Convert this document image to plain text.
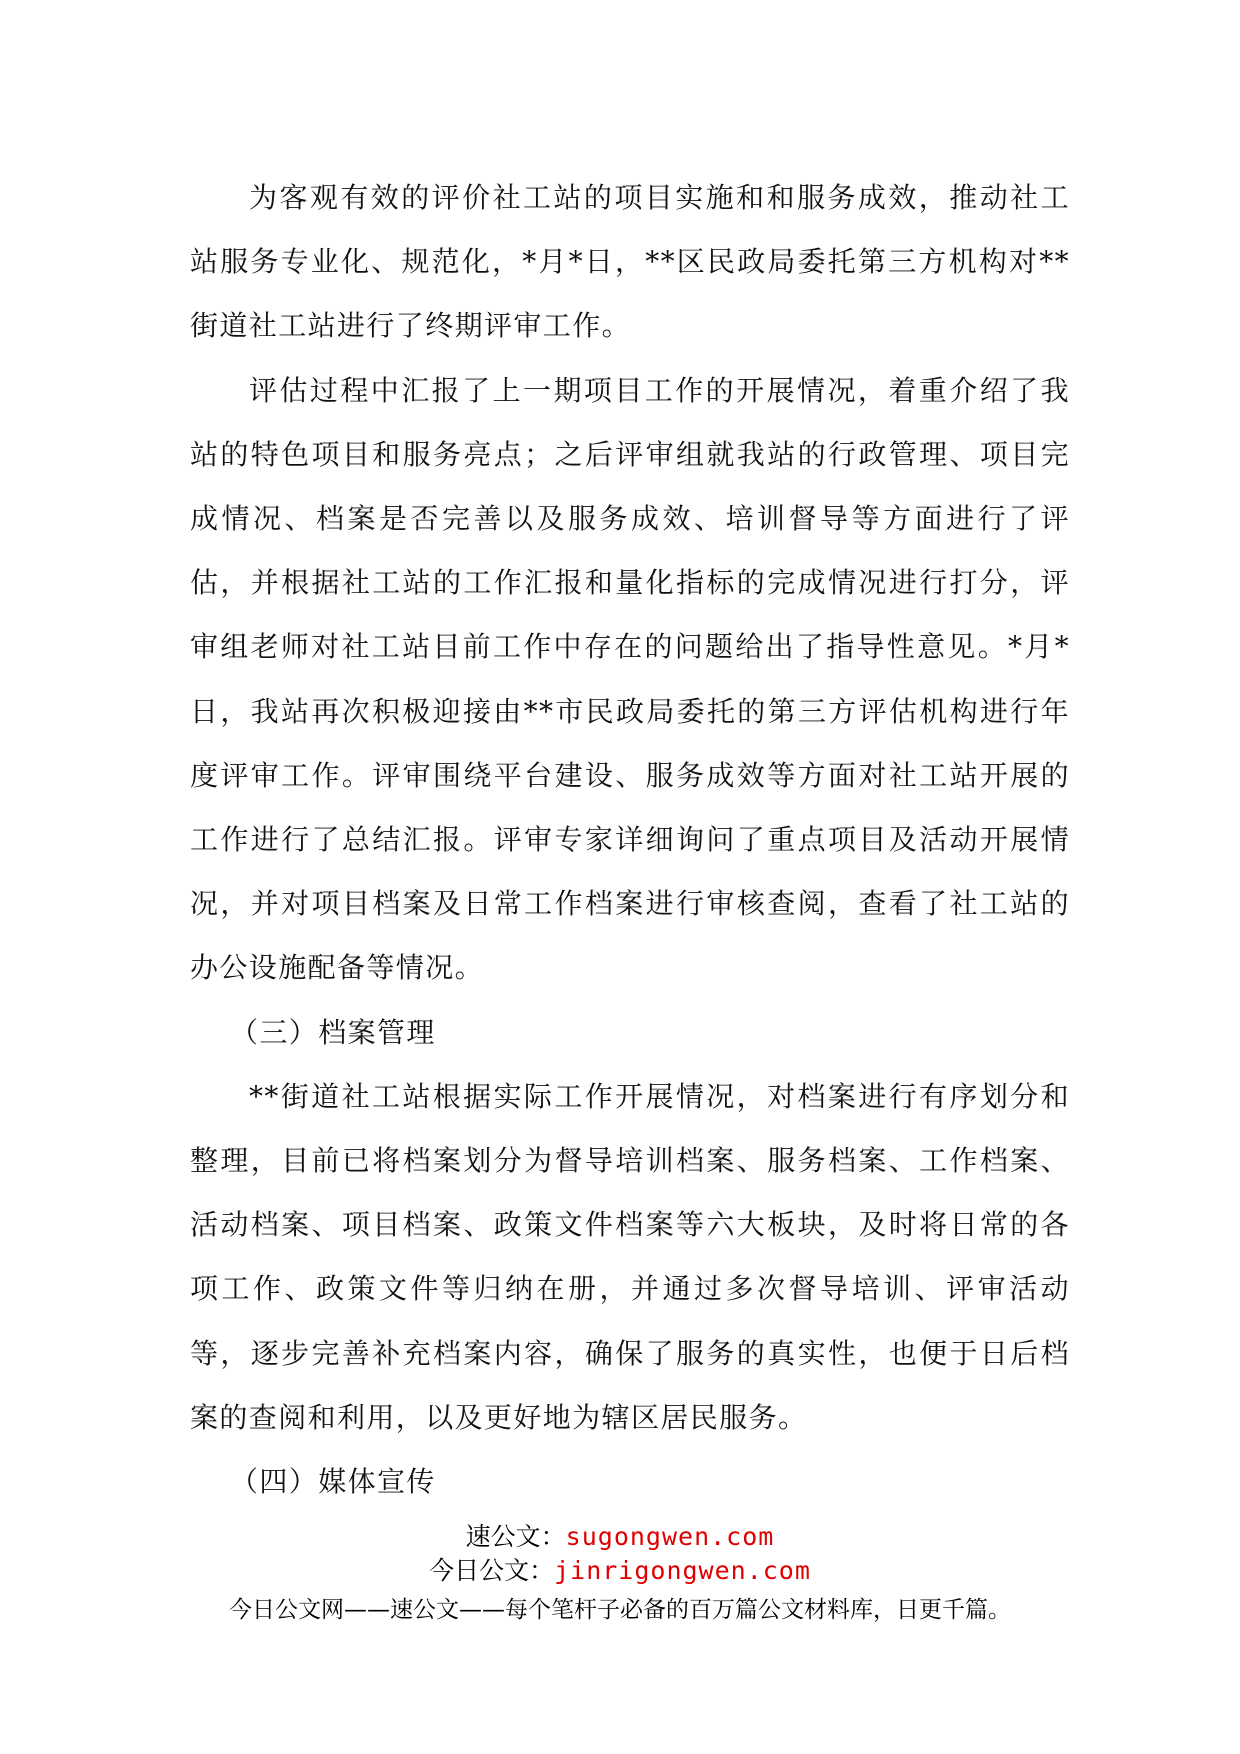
为客观有效的评价社工站的项目实施和和服务成效，推动社工站服务专业化、规范化，*月*日，**区民政局委托第三方机构对**街道社工站进行了终期评审工作。

评估过程中汇报了上一期项目工作的开展情况，着重介绍了我站的特色项目和服务亮点；之后评审组就我站的行政管理、项目完成情况、档案是否完善以及服务成效、培训督导等方面进行了评估，并根据社工站的工作汇报和量化指标的完成情况进行打分，评审组老师对社工站目前工作中存在的问题给出了指导性意见。*月*日，我站再次积极迎接由**市民政局委托的第三方评估机构进行年度评审工作。评审围绕平台建设、服务成效等方面对社工站开展的工作进行了总结汇报。评审专家详细询问了重点项目及活动开展情况，并对项目档案及日常工作档案进行审核查阅，查看了社工站的办公设施配备等情况。

（三）档案管理

**街道社工站根据实际工作开展情况，对档案进行有序划分和整理，目前已将档案划分为督导培训档案、服务档案、工作档案、活动档案、项目档案、政策文件档案等六大板块，及时将日常的各项工作、政策文件等归纳在册，并通过多次督导培训、评审活动等，逐步完善补充档案内容，确保了服务的真实性，也便于日后档案的查阅和利用，以及更好地为辖区居民服务。

（四）媒体宣传

速公文：sugongwen.com
今日公文：jinrigongwen.com
今日公文网——速公文——每个笔杆子必备的百万篇公文材料库，日更千篇。
